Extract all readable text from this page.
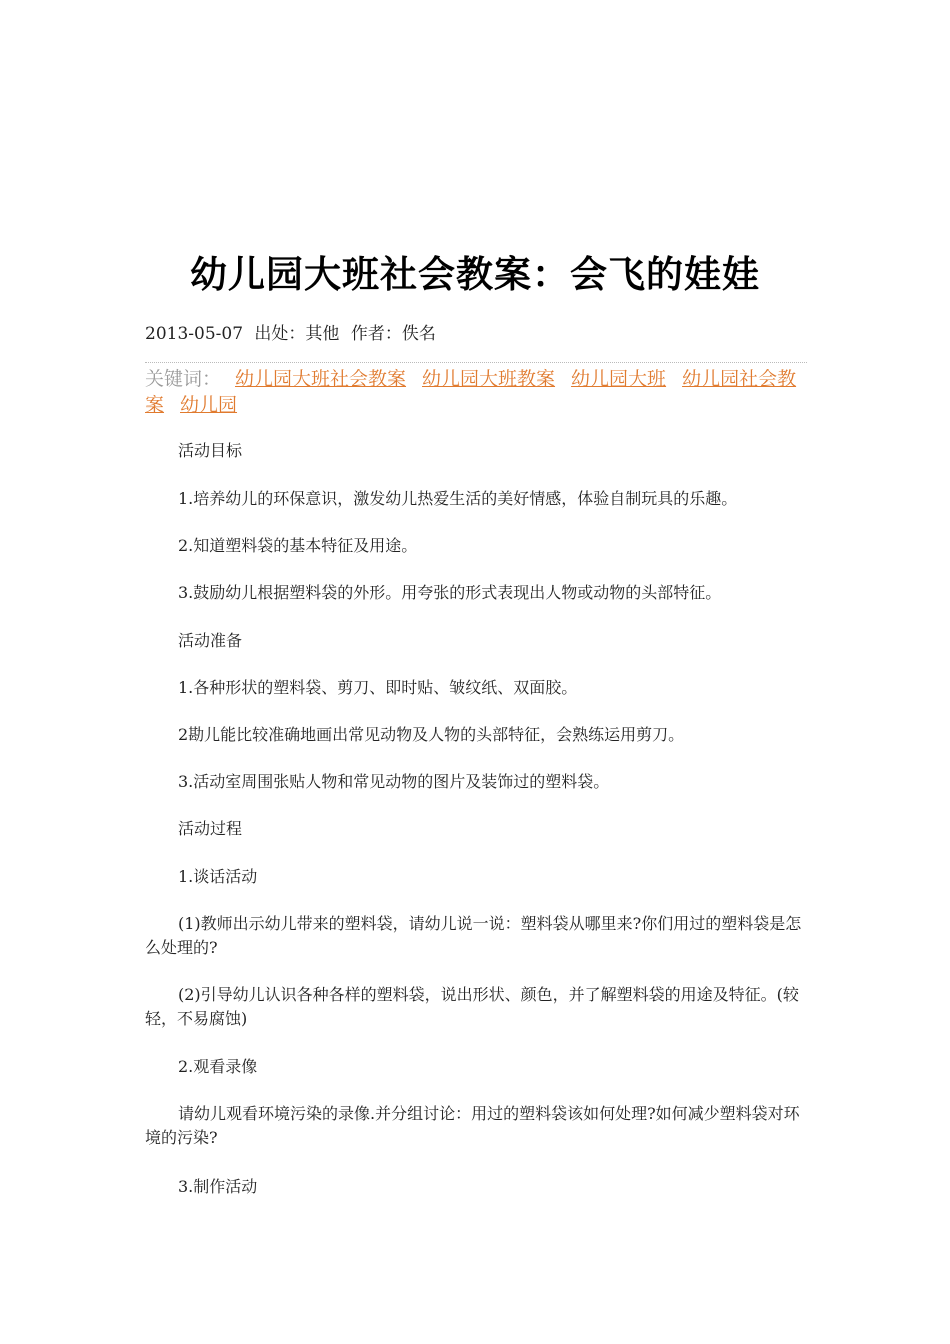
幼儿园大班社会教案：会飞的娃娃
2013-05-07 出处：其他 作者：佚名
关键词： 幼儿园大班社会教案 幼儿园大班教案 幼儿园大班 幼儿园社会教案 幼儿园

活动目标

1.培养幼儿的环保意识，激发幼儿热爱生活的美好情感，体验自制玩具的乐趣。

2.知道塑料袋的基本特征及用途。

3.鼓励幼儿根据塑料袋的外形。用夸张的形式表现出人物或动物的头部特征。

活动准备

1.各种形状的塑料袋、剪刀、即时贴、皱纹纸、双面胶。

2勘儿能比较准确地画出常见动物及人物的头部特征，会熟练运用剪刀。

3.活动室周围张贴人物和常见动物的图片及装饰过的塑料袋。

活动过程

1.谈话活动

(1)教师出示幼儿带来的塑料袋，请幼儿说一说：塑料袋从哪里来?你们用过的塑料袋是怎么处理的?

(2)引导幼儿认识各种各样的塑料袋，说出形状、颜色，并了解塑料袋的用途及特征。(较轻，不易腐蚀)

2.观看录像

请幼儿观看环境污染的录像.并分组讨论：用过的塑料袋该如何处理?如何减少塑料袋对环境的污染?

3.制作活动
